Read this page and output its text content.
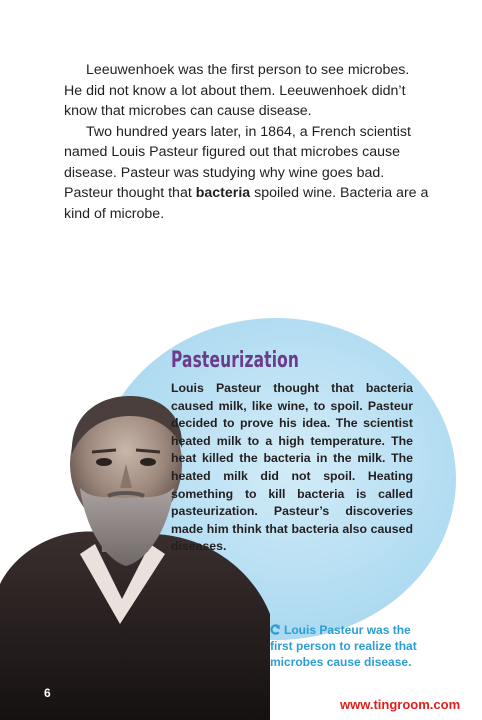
Leeuwenhoek was the first person to see microbes. He did not know a lot about them. Leeuwenhoek didn’t know that microbes can cause disease.

Two hundred years later, in 1864, a French scientist named Louis Pasteur figured out that microbes cause disease. Pasteur was studying why wine goes bad. Pasteur thought that bacteria spoiled wine. Bacteria are a kind of microbe.

Pasteurization

Louis Pasteur thought that bacteria caused milk, like wine, to spoil. Pasteur decided to prove his idea. The scientist heated milk to a high temperature. The heat killed the bacteria in the milk. The heated milk did not spoil. Heating something to kill bacteria is called pasteurization. Pasteur’s discoveries made him think that bacteria also caused diseases.

Louis Pasteur was the first person to realize that microbes cause disease.

6
www.tingroom.com
